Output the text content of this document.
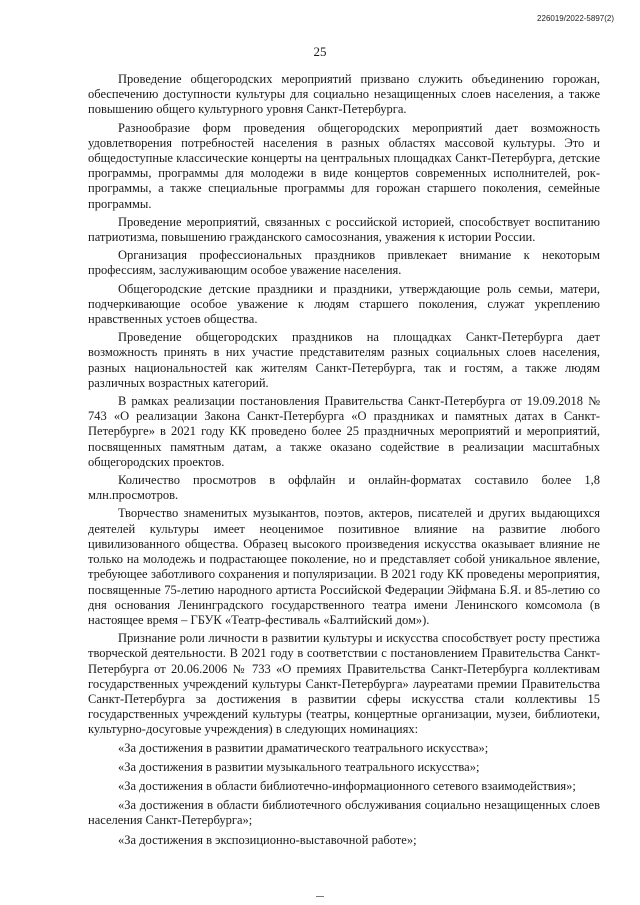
226019/2022-5897(2)
25

Проведение общегородских мероприятий призвано служить объединению горожан, обеспечению доступности культуры для социально незащищенных слоев населения, а также повышению общего культурного уровня Санкт-Петербурга.

Разнообразие форм проведения общегородских мероприятий дает возможность удовлетворения потребностей населения в разных областях массовой культуры. Это и общедоступные классические концерты на центральных площадках Санкт-Петербурга, детские программы, программы для молодежи в виде концертов современных исполнителей, рок-программы, а также специальные программы для горожан старшего поколения, семейные программы.

Проведение мероприятий, связанных с российской историей, способствует воспитанию патриотизма, повышению гражданского самосознания, уважения к истории России.

Организация профессиональных праздников привлекает внимание к некоторым профессиям, заслуживающим особое уважение населения.

Общегородские детские праздники и праздники, утверждающие роль семьи, матери, подчеркивающие особое уважение к людям старшего поколения, служат укреплению нравственных устоев общества.

Проведение общегородских праздников на площадках Санкт-Петербурга дает возможность принять в них участие представителям разных социальных слоев населения, разных национальностей как жителям Санкт-Петербурга, так и гостям, а также людям различных возрастных категорий.

В рамках реализации постановления Правительства Санкт-Петербурга от 19.09.2018 № 743 «О реализации Закона Санкт-Петербурга «О праздниках и памятных датах в Санкт-Петербурге» в 2021 году КК проведено более 25 праздничных мероприятий и мероприятий, посвященных памятным датам, а также оказано содействие в реализации масштабных общегородских проектов.

Количество просмотров в оффлайн и онлайн-форматах составило более 1,8 млн.просмотров.

Творчество знаменитых музыкантов, поэтов, актеров, писателей и других выдающихся деятелей культуры имеет неоценимое позитивное влияние на развитие любого цивилизованного общества. Образец высокого произведения искусства оказывает влияние не только на молодежь и подрастающее поколение, но и представляет собой уникальное явление, требующее заботливого сохранения и популяризации. В 2021 году КК проведены мероприятия, посвященные 75-летию народного артиста Российской Федерации Эйфмана Б.Я. и 85-летию со дня основания Ленинградского государственного театра имени Ленинского комсомола (в настоящее время – ГБУК «Театр-фестиваль «Балтийский дом»).

Признание роли личности в развитии культуры и искусства способствует росту престижа творческой деятельности. В 2021 году в соответствии с постановлением Правительства Санкт-Петербурга от 20.06.2006 № 733 «О премиях Правительства Санкт-Петербурга коллективам государственных учреждений культуры Санкт-Петербурга» лауреатами премии Правительства Санкт-Петербурга за достижения в развитии сферы искусства стали коллективы 15 государственных учреждений культуры (театры, концертные организации, музеи, библиотеки, культурно-досуговые учреждения) в следующих номинациях:

«За достижения в развитии драматического театрального искусства»;

«За достижения в развитии музыкального театрального искусства»;

«За достижения в области библиотечно-информационного сетевого взаимодействия»;

«За достижения в области библиотечного обслуживания социально незащищенных слоев населения Санкт-Петербурга»;

«За достижения в экспозиционно-выставочной работе»;
